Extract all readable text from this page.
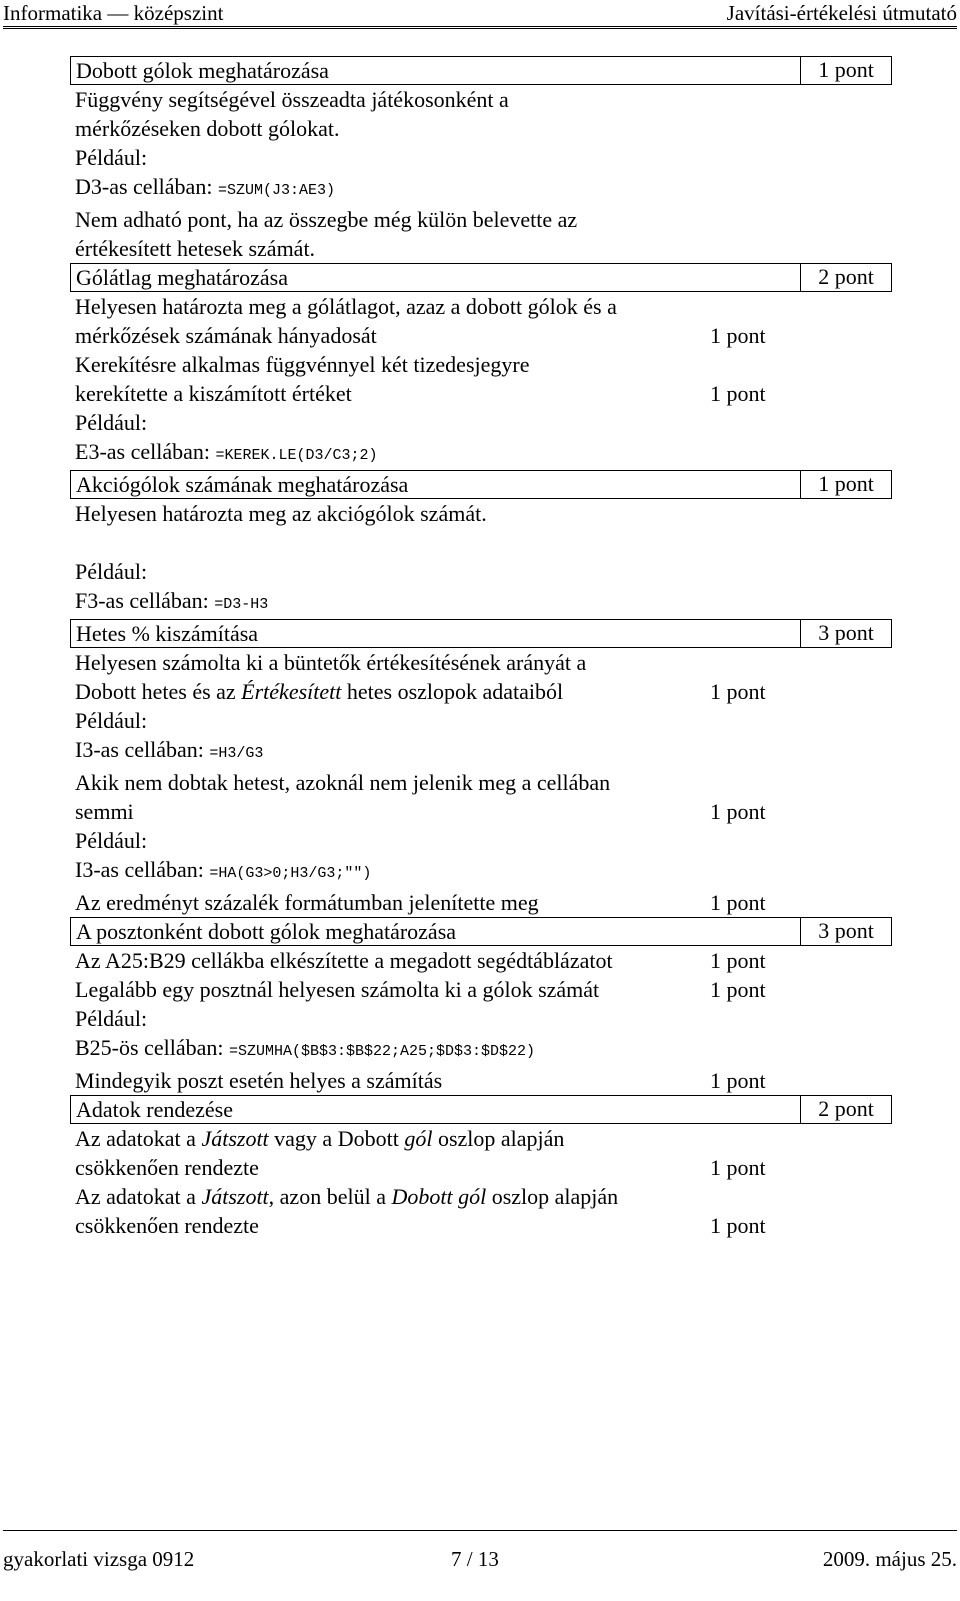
Informatika — középszint	Javítási-értékelési útmutató
Dobott gólok meghatározása	1 pont
Függvény segítségével összeadta játékosonként a
mérkőzéseken dobott gólokat.
Például:
D3-as cellában: =SZUM(J3:AE3)
Nem adható pont, ha az összegbe még külön belevette az
értékesített hetesek számát.
Gólátlag meghatározása	2 pont
Helyesen határozta meg a gólátlagot, azaz a dobott gólok és a
mérkőzések számának hányadosát	1 pont
Kerekítésre alkalmas függvénnyel két tizedesjegyre
kerekítette a kiszámított értéket	1 pont
Például:
E3-as cellában: =KEREK.LE(D3/C3;2)
Akciógólok számának meghatározása	1 pont
Helyesen határozta meg az akciógólok számát.
Például:
F3-as cellában: =D3-H3
Hetes % kiszámítása	3 pont
Helyesen számolta ki a büntetők értékesítésének arányát a
Dobott hetes és az Értékesített hetes oszlopok adataiból	1 pont
Például:
I3-as cellában: =H3/G3
Akik nem dobtak hetest, azoknál nem jelenik meg a cellában
semmi	1 pont
Például:
I3-as cellában: =HA(G3>0;H3/G3;"")
Az eredményt százalék formátumban jelenítette meg	1 pont
A posztonként dobott gólok meghatározása	3 pont
Az A25:B29 cellákba elkészítette a megadott segédtáblázatot	1 pont
Legalább egy posztnál helyesen számolta ki a gólok számát	1 pont
Például:
B25-ös cellában: =SZUMHA($B$3:$B$22;A25;$D$3:$D$22)
Mindegyik poszt esetén helyes a számítás	1 pont
Adatok rendezése	2 pont
Az adatokat a Játszott vagy a Dobott gól oszlop alapján
csökkenően rendezte	1 pont
Az adatokat a Játszott, azon belül a Dobott gól oszlop alapján
csökkenően rendezte	1 pont
gyakorlati vizsga 0912	7 / 13	2009. május 25.
